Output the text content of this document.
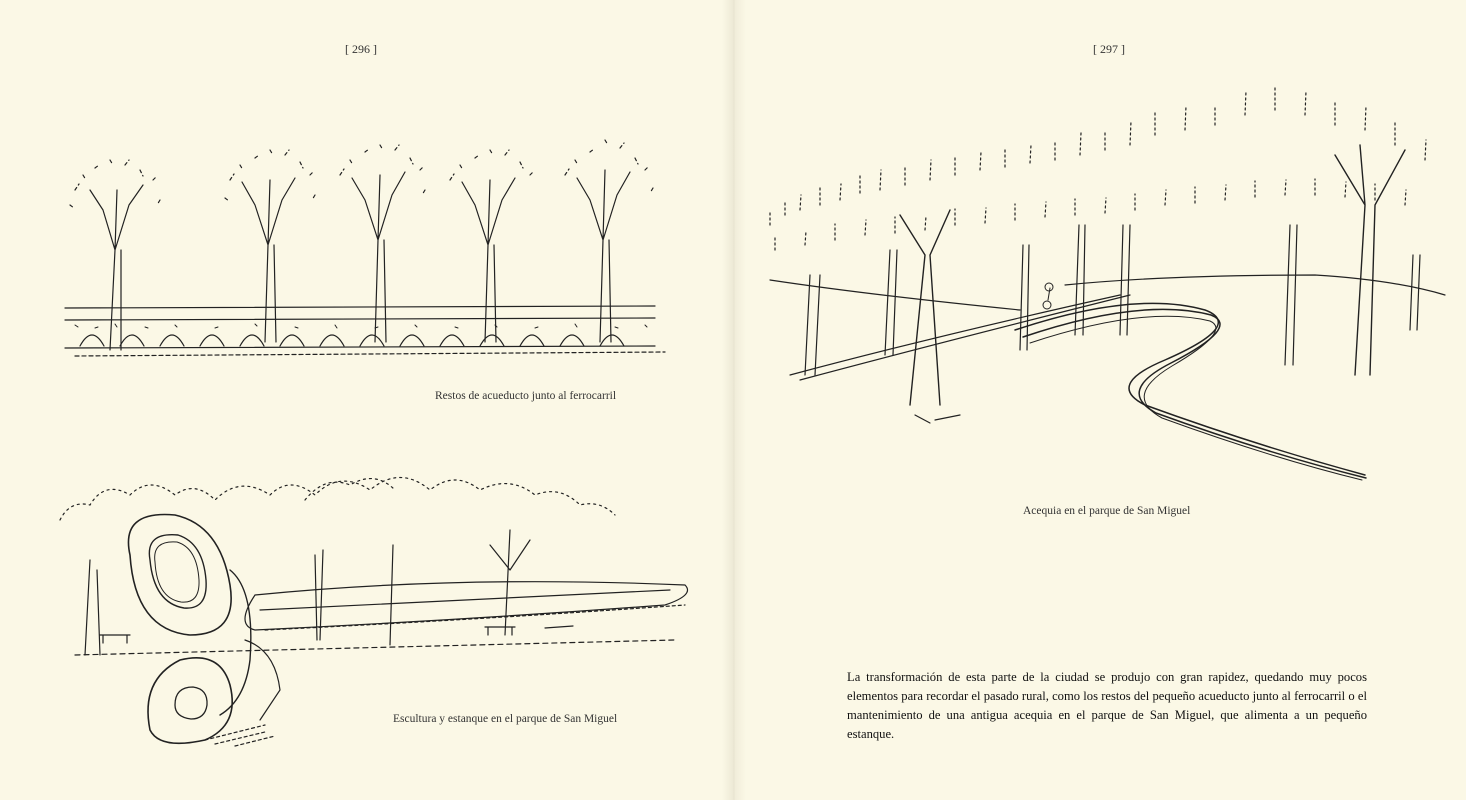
[ 296 ]	[ 297 ]
Restos de acueducto junto al ferrocarril
Escultura y estanque en el parque de San Miguel
Acequia en el parque de San Miguel

La transformación de esta parte de la ciudad se produjo con gran rapidez, quedando muy pocos elementos para recordar el pasado rural, como los restos del pequeño acueducto junto al ferrocarril o el mantenimiento de una antigua acequia en el parque de San Miguel, que alimenta a un pequeño estanque.
